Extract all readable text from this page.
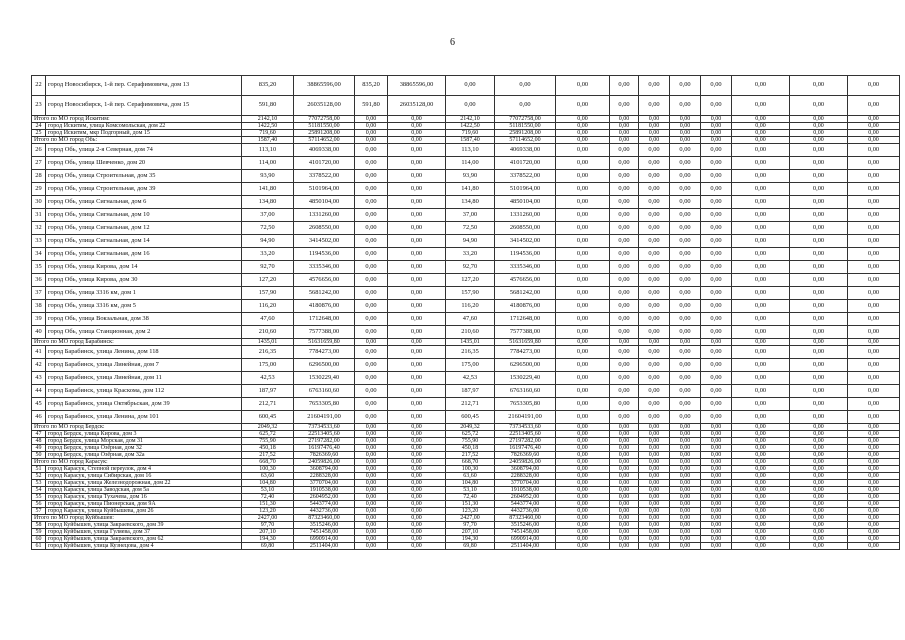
6
22	город Новосибирск, 1-й пер. Серафимовича, дом 13	835,20	38865596,00	835,20	38865596,00	0,00	0,00	0,00	0,00	0,00	0,00	0,00	0,00	0,00	0,00
23	город Новосибирск, 1-й пер. Серафимовича, дом 15	591,80	26035128,00	591,80	26035128,00	0,00	0,00	0,00	0,00	0,00	0,00	0,00	0,00	0,00	0,00
Итого по МО город Искитим:		2142,10	77072758,00	0,00	0,00	2142,10	77072758,00	0,00	0,00	0,00	0,00	0,00	0,00	0,00	0,00
24	город Искитим, улица Комсомольская, дом 22	1422,50	51181550,00	0,00	0,00	1422,50	51181550,00	0,00	0,00	0,00	0,00	0,00	0,00	0,00	0,00
25	город Искитим, мкр Подгорный, дом 15	719,60	25891208,00	0,00	0,00	719,60	25891208,00	0,00	0,00	0,00	0,00	0,00	0,00	0,00	0,00
Итого по МО город Обь:		1587,40	57114652,00	0,00	0,00	1587,40	57114652,00	0,00	0,00	0,00	0,00	0,00	0,00	0,00	0,00
26	город Обь, улица 2-я Северная, дом 74	113,10	4069338,00	0,00	0,00	113,10	4069338,00	0,00	0,00	0,00	0,00	0,00	0,00	0,00	0,00
27	город Обь, улица Шевченко, дом 20	114,00	4101720,00	0,00	0,00	114,00	4101720,00	0,00	0,00	0,00	0,00	0,00	0,00	0,00	0,00
28	город Обь, улица Строительная, дом 35	93,90	3378522,00	0,00	0,00	93,90	3378522,00	0,00	0,00	0,00	0,00	0,00	0,00	0,00	0,00
29	город Обь, улица Строительная, дом 39	141,80	5101964,00	0,00	0,00	141,80	5101964,00	0,00	0,00	0,00	0,00	0,00	0,00	0,00	0,00
30	город Обь, улица Сигнальная, дом 6	134,80	4850104,00	0,00	0,00	134,80	4850104,00	0,00	0,00	0,00	0,00	0,00	0,00	0,00	0,00
31	город Обь, улица Сигнальная, дом 10	37,00	1331260,00	0,00	0,00	37,00	1331260,00	0,00	0,00	0,00	0,00	0,00	0,00	0,00	0,00
32	город Обь, улица Сигнальная, дом 12	72,50	2608550,00	0,00	0,00	72,50	2608550,00	0,00	0,00	0,00	0,00	0,00	0,00	0,00	0,00
33	город Обь, улица Сигнальная, дом 14	94,90	3414502,00	0,00	0,00	94,90	3414502,00	0,00	0,00	0,00	0,00	0,00	0,00	0,00	0,00
34	город Обь, улица Сигнальная, дом 16	33,20	1194536,00	0,00	0,00	33,20	1194536,00	0,00	0,00	0,00	0,00	0,00	0,00	0,00	0,00
35	город Обь, улица Кирова, дом 14	92,70	3335346,00	0,00	0,00	92,70	3335346,00	0,00	0,00	0,00	0,00	0,00	0,00	0,00	0,00
36	город Обь, улица Кирова, дом 30	127,20	4576656,00	0,00	0,00	127,20	4576656,00	0,00	0,00	0,00	0,00	0,00	0,00	0,00	0,00
37	город Обь, улица 3316 км, дом 1	157,90	5681242,00	0,00	0,00	157,90	5681242,00	0,00	0,00	0,00	0,00	0,00	0,00	0,00	0,00
38	город Обь, улица 3316 км, дом 5	116,20	4180876,00	0,00	0,00	116,20	4180876,00	0,00	0,00	0,00	0,00	0,00	0,00	0,00	0,00
39	город Обь, улица Вокзальная, дом 38	47,60	1712648,00	0,00	0,00	47,60	1712648,00	0,00	0,00	0,00	0,00	0,00	0,00	0,00	0,00
40	город Обь, улица Станционная, дом 2	210,60	7577388,00	0,00	0,00	210,60	7577388,00	0,00	0,00	0,00	0,00	0,00	0,00	0,00	0,00
Итого по МО город Барабинск:		1435,01	51631659,80	0,00	0,00	1435,01	51631659,80	0,00	0,00	0,00	0,00	0,00	0,00	0,00	0,00
41	город Барабинск, улица Ленина, дом 118	216,35	7784273,00	0,00	0,00	216,35	7784273,00	0,00	0,00	0,00	0,00	0,00	0,00	0,00	0,00
42	город Барабинск, улица Линейная, дом 7	175,00	6296500,00	0,00	0,00	175,00	6296500,00	0,00	0,00	0,00	0,00	0,00	0,00	0,00	0,00
43	город Барабинск, улица Линейная, дом 11	42,53	1530229,40	0,00	0,00	42,53	1530229,40	0,00	0,00	0,00	0,00	0,00	0,00	0,00	0,00
44	город Барабинск, улица Краскома, дом 112	187,97	6763160,60	0,00	0,00	187,97	6763160,60	0,00	0,00	0,00	0,00	0,00	0,00	0,00	0,00
45	город Барабинск, улица Октябрьская, дом 39	212,71	7653305,80	0,00	0,00	212,71	7653305,80	0,00	0,00	0,00	0,00	0,00	0,00	0,00	0,00
46	город Барабинск, улица Ленина, дом 101	600,45	21604191,00	0,00	0,00	600,45	21604191,00	0,00	0,00	0,00	0,00	0,00	0,00	0,00	0,00
Итого по МО город Бердск:		2049,32	73734533,60	0,00	0,00	2049,32	73734533,60	0,00	0,00	0,00	0,00	0,00	0,00	0,00	0,00
47	город Бердск, улица Кирова, дом 3	625,72	22513405,60	0,00	0,00	625,72	22513405,60	0,00	0,00	0,00	0,00	0,00	0,00	0,00	0,00
48	город Бердск, улица Морская, дом 31	755,90	27197282,00	0,00	0,00	755,90	27197282,00	0,00	0,00	0,00	0,00	0,00	0,00	0,00	0,00
49	город Бердск, улица Озёрная, дом 32	450,18	16197476,40	0,00	0,00	450,18	16197476,40	0,00	0,00	0,00	0,00	0,00	0,00	0,00	0,00
50	город Бердск, улица Озёрная, дом 32а	217,52	7826369,60	0,00	0,00	217,52	7826369,60	0,00	0,00	0,00	0,00	0,00	0,00	0,00	0,00
Итого по МО город Карасук:		668,70	24059826,00	0,00	0,00	668,70	24059826,00	0,00	0,00	0,00	0,00	0,00	0,00	0,00	0,00
51	город Карасук, Степной переулок, дом 4	100,30	3608794,00	0,00	0,00	100,30	3608794,00	0,00	0,00	0,00	0,00	0,00	0,00	0,00	0,00
52	город Карасук, улица Сибирская, дом 16	63,60	2288328,00	0,00	0,00	63,60	2288328,00	0,00	0,00	0,00	0,00	0,00	0,00	0,00	0,00
53	город Карасук, улица Железнодорожная, дом 22	104,80	3770704,00	0,00	0,00	104,80	3770704,00	0,00	0,00	0,00	0,00	0,00	0,00	0,00	0,00
54	город Карасук, улица Заводская, дом 5а	53,10	1910538,00	0,00	0,00	53,10	1910538,00	0,00	0,00	0,00	0,00	0,00	0,00	0,00	0,00
55	город Карасук, улица Тухачева, дом 16	72,40	2604952,00	0,00	0,00	72,40	2604952,00	0,00	0,00	0,00	0,00	0,00	0,00	0,00	0,00
56	город Карасук, улица Пионерская, дом 9А	151,30	5443774,00	0,00	0,00	151,30	5443774,00	0,00	0,00	0,00	0,00	0,00	0,00	0,00	0,00
57	город Карасук, улица Куйбышева, дом 26	123,20	4432736,00	0,00	0,00	123,20	4432736,00	0,00	0,00	0,00	0,00	0,00	0,00	0,00	0,00
Итого по МО город Куйбышев:		2427,00	87323460,00	0,00	0,00	2427,00	87323460,00	0,00	0,00	0,00	0,00	0,00	0,00	0,00	0,00
58	город Куйбышев, улица Закраевского, дом 39	97,70	3515246,00	0,00	0,00	97,70	3515246,00	0,00	0,00	0,00	0,00	0,00	0,00	0,00	0,00
59	город Куйбышев, улица Гуляева, дом 37	207,10	7451458,00	0,00	0,00	207,10	7451458,00	0,00	0,00	0,00	0,00	0,00	0,00	0,00	0,00
60	город Куйбышев, улица Закраевского, дом 62	194,30	6990914,00	0,00	0,00	194,30	6990914,00	0,00	0,00	0,00	0,00	0,00	0,00	0,00	0,00
61	город Куйбышев, улица Кузнецова, дом 4	69,80	2511404,00	0,00	0,00	69,80	2511404,00	0,00	0,00	0,00	0,00	0,00	0,00	0,00	0,00
